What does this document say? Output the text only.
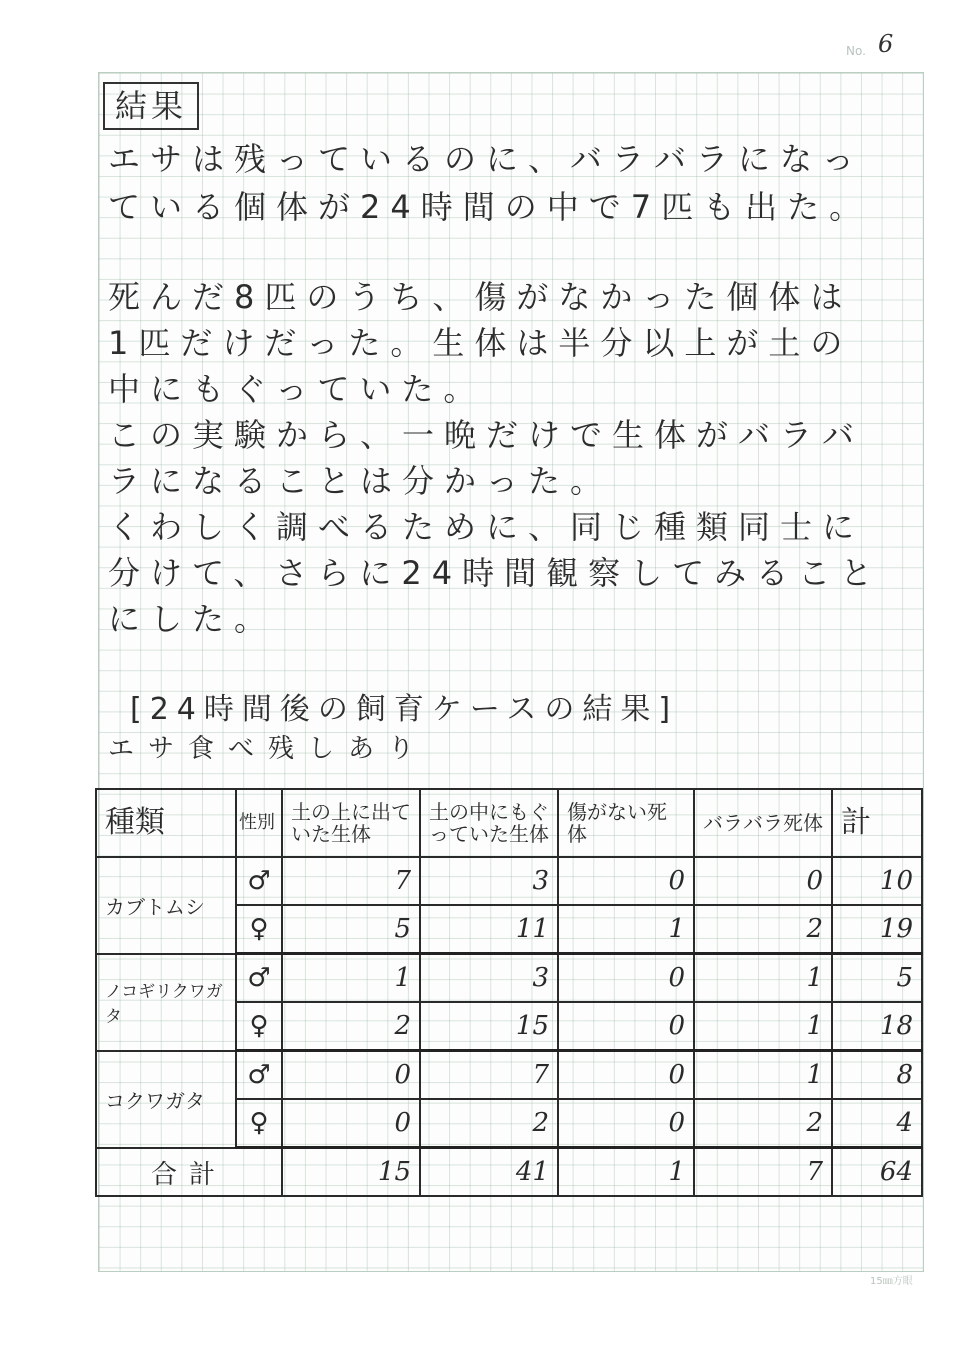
No. 6
15㎜方眼
結果
エサは残っているのに、バラバラになっ
ている個体が24時間の中で7匹も出た。
死んだ8匹のうち、傷がなかった個体は
1匹だけだった。生体は半分以上が土の
中にもぐっていた。
この実験から、一晩だけで生体がバラバ
ラになることは分かった。
くわしく調べるために、同じ種類同士に
分けて、さらに24時間観察してみること
にした。
[24時間後の飼育ケースの結果]
エサ食べ残しあり
種類	性別	土の上に出ていた生体	土の中にもぐっていた生体	傷がない死体	バラバラ死体	計
カブトムシ	♂	7	3	0	0	10
	♀	5	11	1	2	19
ノコギリクワガタ	♂	1	3	0	1	5
	♀	2	15	0	1	18
コクワガタ	♂	0	7	0	1	8
	♀	0	2	0	2	4
合計		15	41	1	7	64
